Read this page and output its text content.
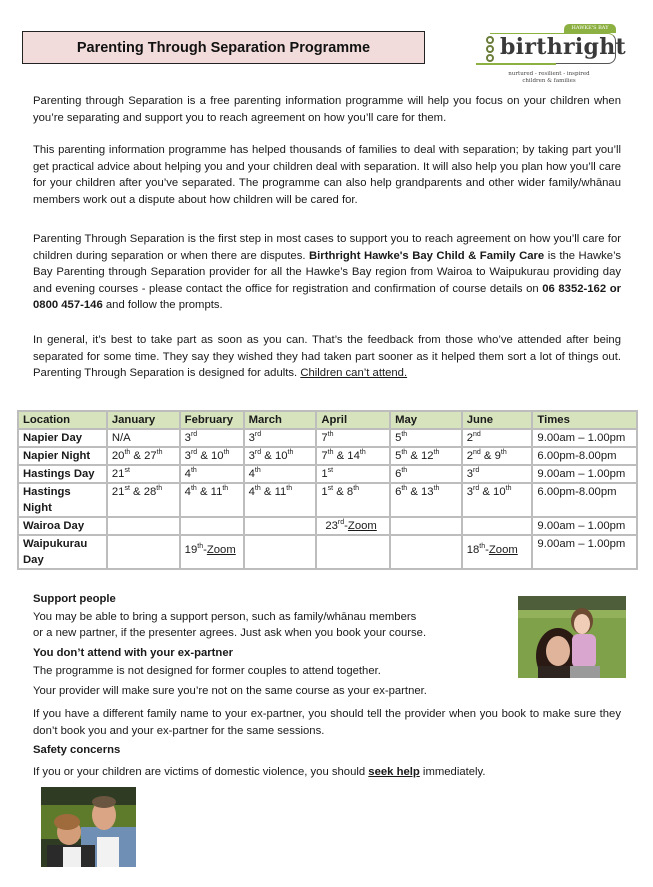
Parenting Through Separation Programme
HAWKE'S BAY
birthright
nurtured - resilient - inspired
children & families

Parenting through Separation is a free parenting information programme will help you focus on your children when you’re separating and support you to reach agreement on how you’ll care for them.

This parenting information programme has helped thousands of families to deal with separation; by taking part you’ll get practical advice about helping you and your children deal with separation. It will also help you plan how you’ll care for your children after you’ve separated. The programme can also help grandparents and other wider family/whānau members work out a dispute about how children will be cared for.

Parenting Through Separation is the first step in most cases to support you to reach agreement on how you’ll care for children during separation or when there are disputes. Birthright Hawke's Bay Child & Family Care is the Hawke’s Bay Parenting through Separation provider for all the Hawke’s Bay region from Wairoa to Waipukurau providing day and evening courses - please contact the office for registration and confirmation of course details on 06 8352-162 or 0800 457-146 and follow the prompts.

In general, it’s best to take part as soon as you can. That’s the feedback from those who’ve attended after being separated for some time. They say they wished they had taken part sooner as it helped them sort a lot of things out. Parenting Through Separation is designed for adults. Children can’t attend.

Location	January	February	March	April	May	June	Times
Napier Day	N/A	3rd	3rd	7th	5th	2nd	9.00am – 1.00pm
Napier Night	20th & 27th	3rd & 10th	3rd & 10th	7th & 14th	5th & 12th	2nd & 9th	6.00pm-8.00pm
Hastings Day	21st	4th	4th	1st	6th	3rd	9.00am – 1.00pm
Hastings Night	21st & 28th	4th & 11th	4th & 11th	1st & 8th	6th & 13th	3rd & 10th	6.00pm-8.00pm
Wairoa Day				23rd-Zoom			9.00am – 1.00pm
Waipukurau Day		19th-Zoom				18th-Zoom	9.00am – 1.00pm
Support people
You may be able to bring a support person, such as family/whānau members
or a new partner, if the presenter agrees. Just ask when you book your course.
You don’t attend with your ex-partner
The programme is not designed for former couples to attend together.
Your provider will make sure you’re not on the same course as your ex-partner.

If you have a different family name to your ex-partner, you should tell the provider when you book to make sure they don’t book you and your ex-partner for the same sessions.

Safety concerns
If you or your children are victims of domestic violence, you should seek help immediately.
